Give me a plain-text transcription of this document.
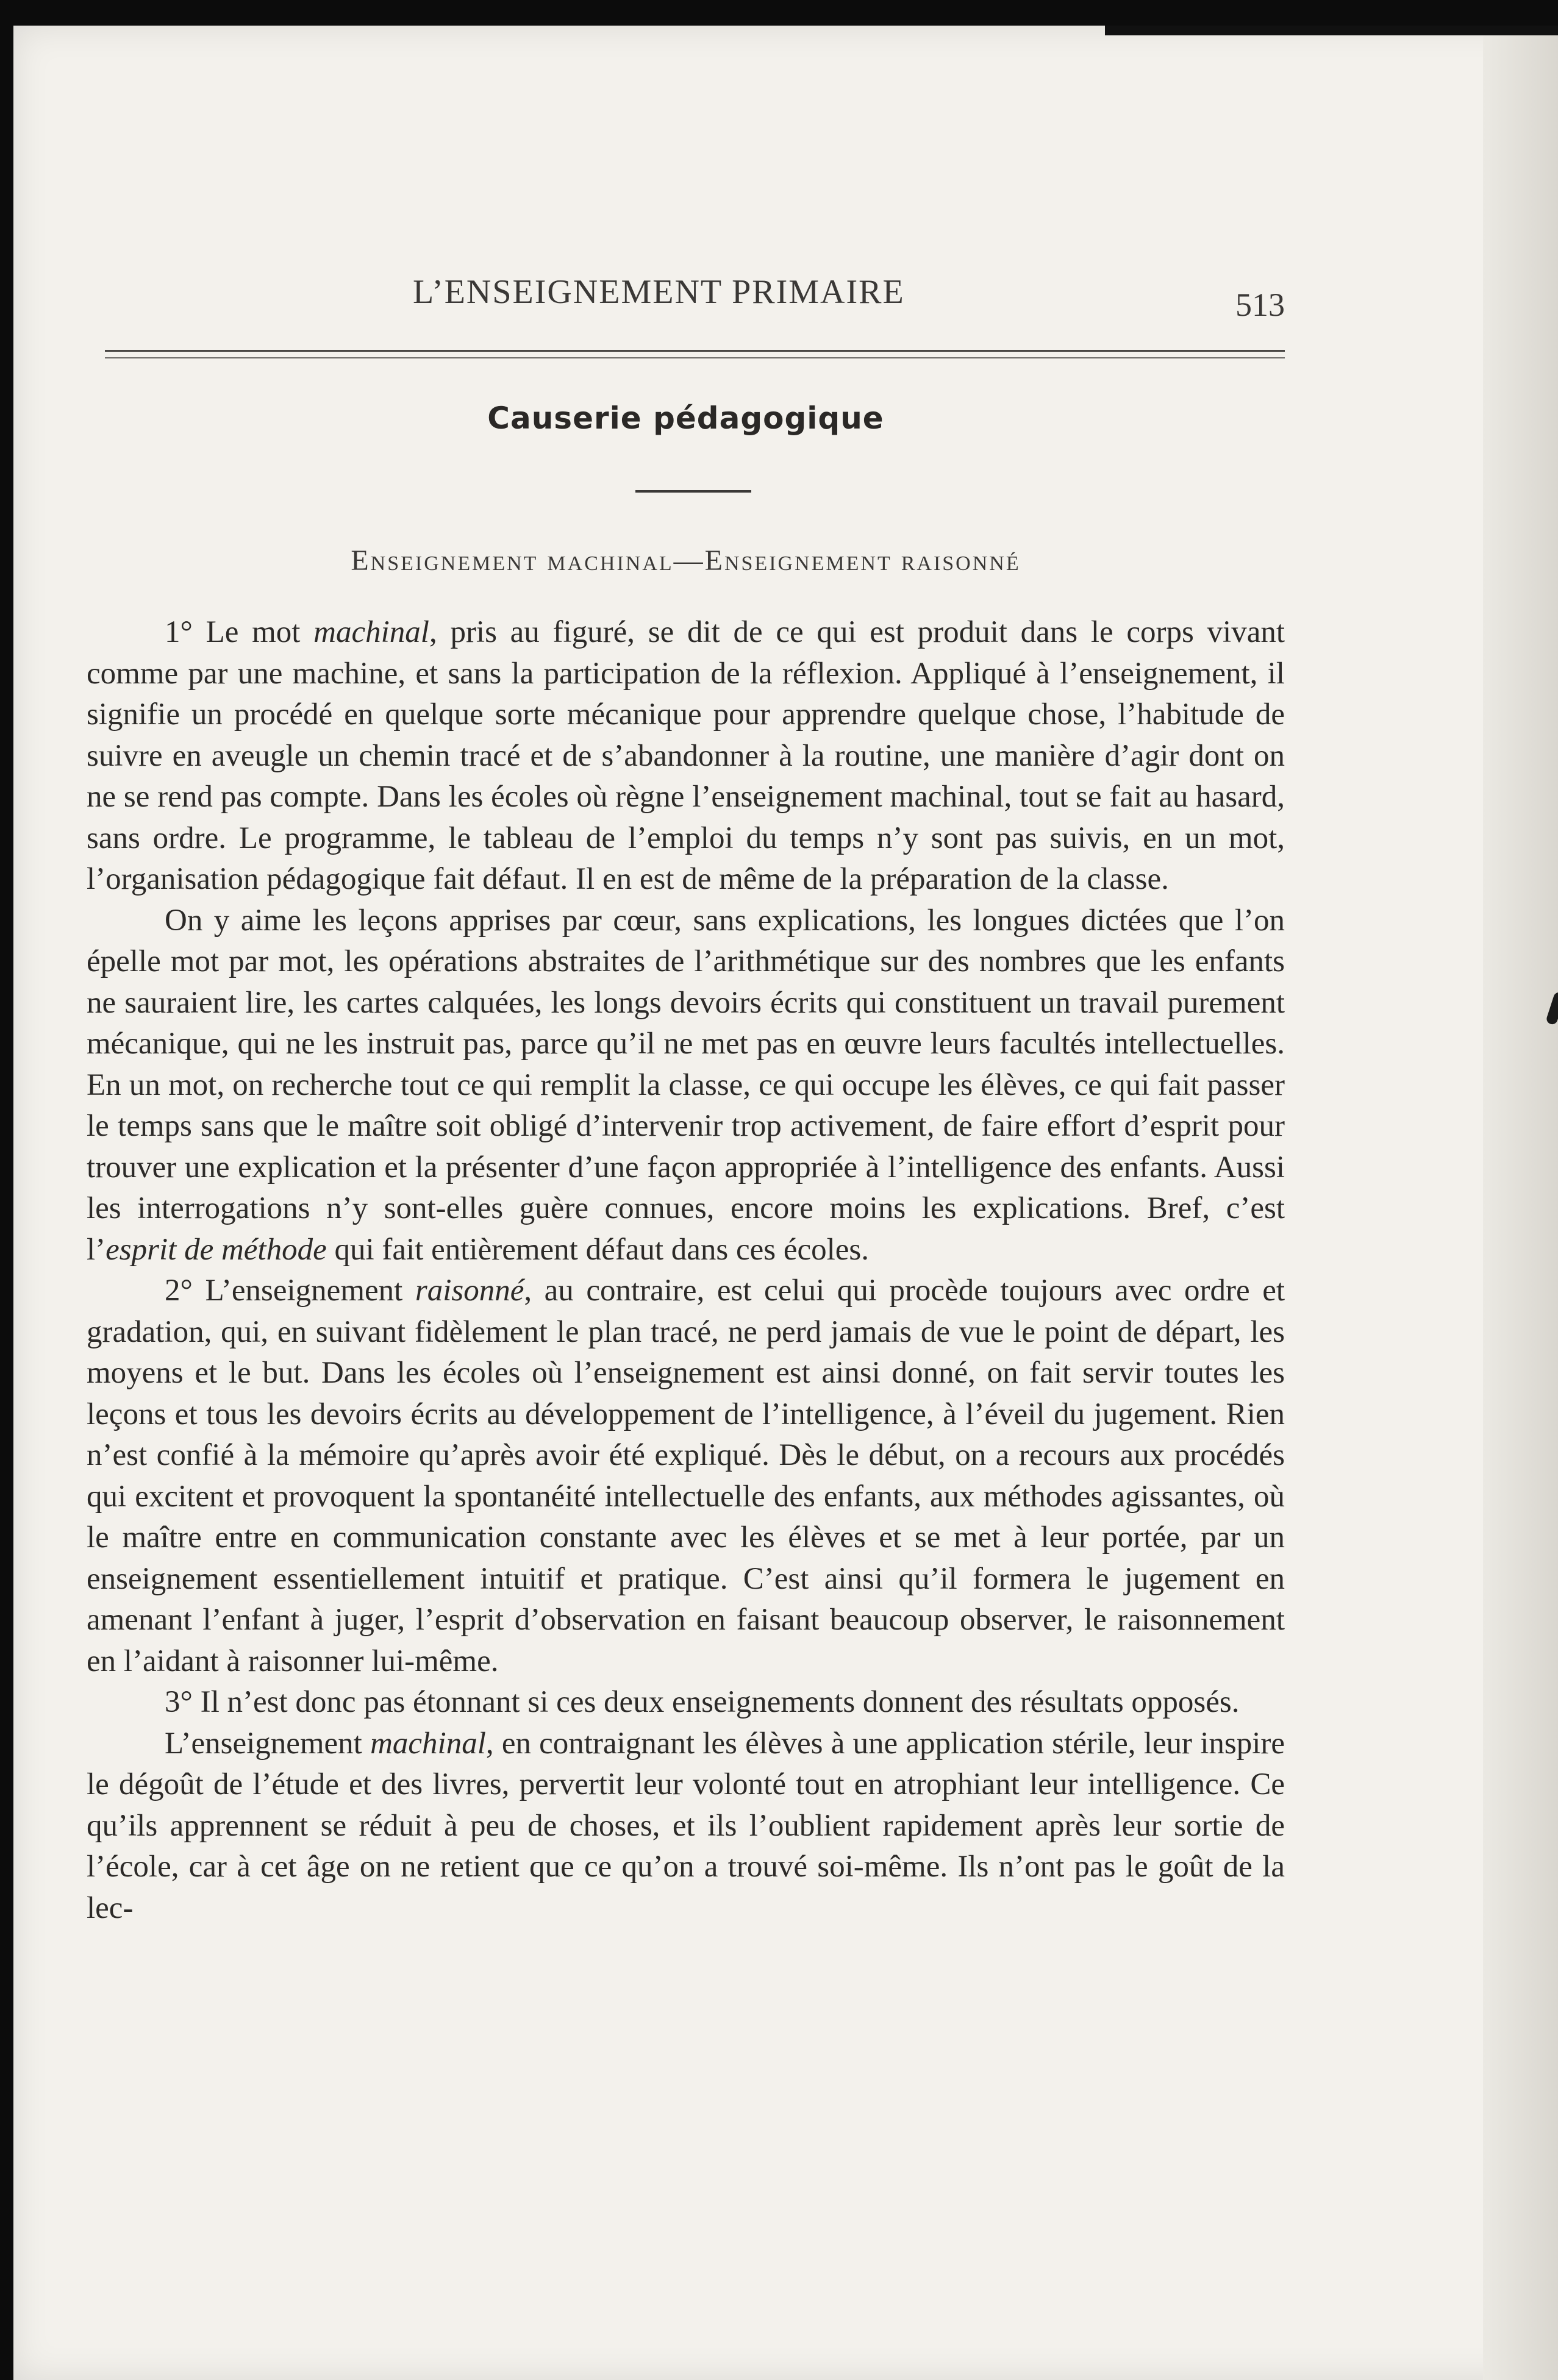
L’ENSEIGNEMENT PRIMAIRE	513
Causerie pédagogique
Enseignement machinal—Enseignement raisonné

1° Le mot machinal, pris au figuré, se dit de ce qui est produit dans le corps vivant comme par une machine, et sans la participation de la réflexion. Appliqué à l’enseignement, il signifie un procédé en quelque sorte mécanique pour apprendre quelque chose, l’habitude de suivre en aveugle un chemin tracé et de s’abandonner à la routine, une manière d’agir dont on ne se rend pas compte. Dans les écoles où règne l’enseignement machinal, tout se fait au hasard, sans ordre. Le programme, le tableau de l’emploi du temps n’y sont pas suivis, en un mot, l’organisation pédagogique fait défaut. Il en est de même de la préparation de la classe.

On y aime les leçons apprises par cœur, sans explications, les longues dictées que l’on épelle mot par mot, les opérations abstraites de l’arithmétique sur des nombres que les enfants ne sauraient lire, les cartes calquées, les longs devoirs écrits qui constituent un travail purement mécanique, qui ne les instruit pas, parce qu’il ne met pas en œuvre leurs facultés intellectuelles. En un mot, on recherche tout ce qui remplit la classe, ce qui occupe les élèves, ce qui fait passer le temps sans que le maître soit obligé d’intervenir trop activement, de faire effort d’esprit pour trouver une explication et la présenter d’une façon appropriée à l’intelligence des enfants. Aussi les interrogations n’y sont-elles guère connues, encore moins les explications. Bref, c’est l’esprit de méthode qui fait entièrement défaut dans ces écoles.

2° L’enseignement raisonné, au contraire, est celui qui procède toujours avec ordre et gradation, qui, en suivant fidèlement le plan tracé, ne perd jamais de vue le point de départ, les moyens et le but. Dans les écoles où l’enseignement est ainsi donné, on fait servir toutes les leçons et tous les devoirs écrits au développement de l’intelligence, à l’éveil du jugement. Rien n’est confié à la mémoire qu’après avoir été expliqué. Dès le début, on a recours aux procédés qui excitent et provoquent la spontanéité intellectuelle des enfants, aux méthodes agissantes, où le maître entre en communication constante avec les élèves et se met à leur portée, par un enseignement essentiellement intuitif et pratique. C’est ainsi qu’il formera le jugement en amenant l’enfant à juger, l’esprit d’observation en faisant beaucoup observer, le raisonnement en l’aidant à raisonner lui-même.

3° Il n’est donc pas étonnant si ces deux enseignements donnent des résultats opposés.

L’enseignement machinal, en contraignant les élèves à une application stérile, leur inspire le dégoût de l’étude et des livres, pervertit leur volonté tout en atrophiant leur intelligence. Ce qu’ils apprennent se réduit à peu de choses, et ils l’oublient rapidement après leur sortie de l’école, car à cet âge on ne retient que ce qu’on a trouvé soi-même. Ils n’ont pas le goût de la lec-
